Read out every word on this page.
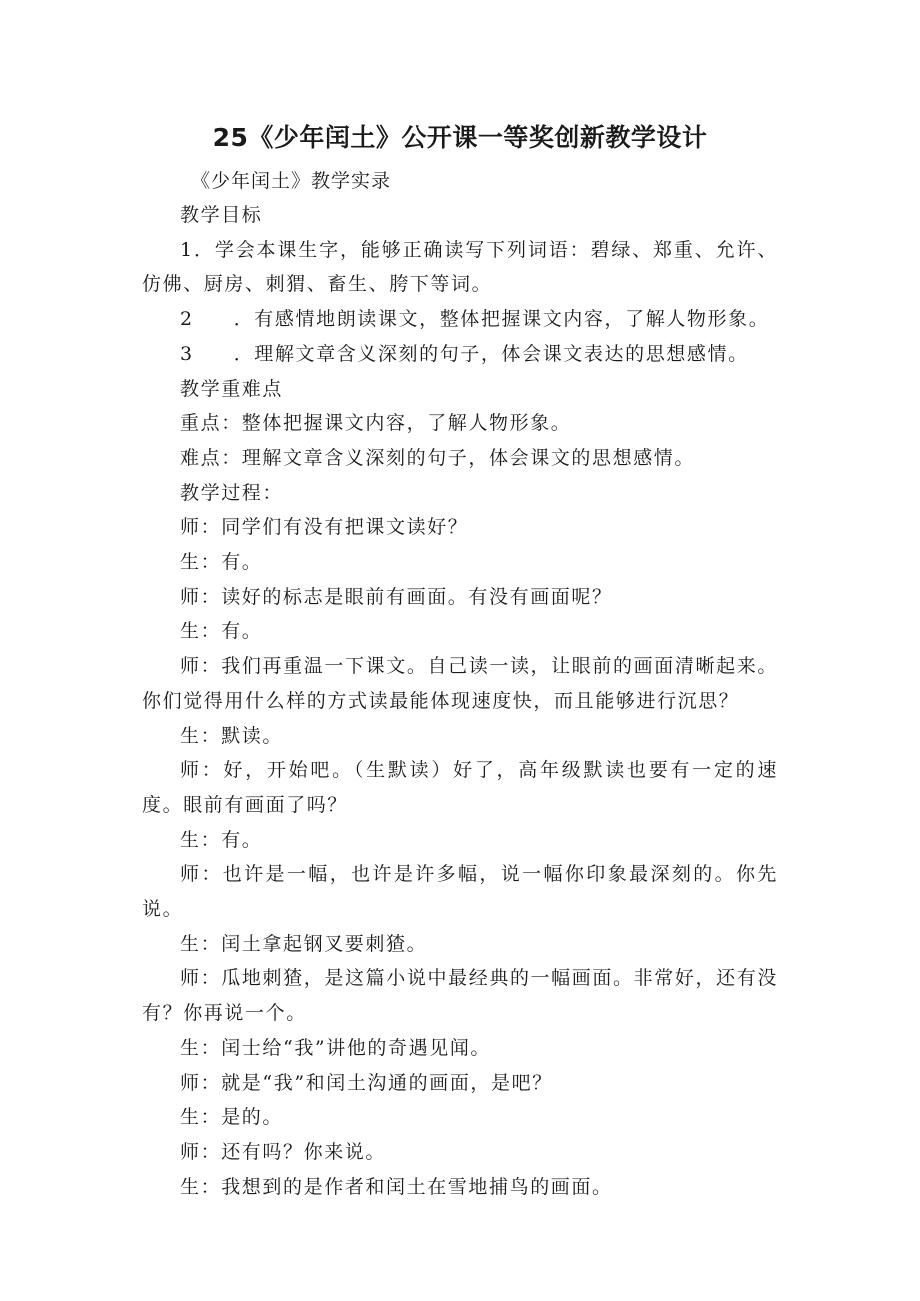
25《少年闰土》公开课一等奖创新教学设计
《少年闰土》教学实录

教学目标

1．学会本课生字，能够正确读写下列词语：碧绿、郑重、允许、仿佛、厨房、刺猬、畜生、胯下等词。

2 ．有感情地朗读课文，整体把握课文内容，了解人物形象。

3 ．理解文章含义深刻的句子，体会课文表达的思想感情。

教学重难点

重点：整体把握课文内容，了解人物形象。

难点：理解文章含义深刻的句子，体会课文的思想感情。

教学过程：

师：同学们有没有把课文读好？

生：有。

师：读好的标志是眼前有画面。有没有画面呢？

生：有。

师：我们再重温一下课文。自己读一读，让眼前的画面清晰起来。你们觉得用什么样的方式读最能体现速度快，而且能够进行沉思？

生：默读。

师：好，开始吧。（生默读）好了，高年级默读也要有一定的速度。眼前有画面了吗？

生：有。

师：也许是一幅，也许是许多幅，说一幅你印象最深刻的。你先说。

生：闰土拿起钢叉要刺猹。

师：瓜地刺猹，是这篇小说中最经典的一幅画面。非常好，还有没有？你再说一个。

生：闰士给“我”讲他的奇遇见闻。

师：就是“我”和闰土沟通的画面，是吧？

生：是的。

师：还有吗？你来说。

生：我想到的是作者和闰土在雪地捕鸟的画面。
